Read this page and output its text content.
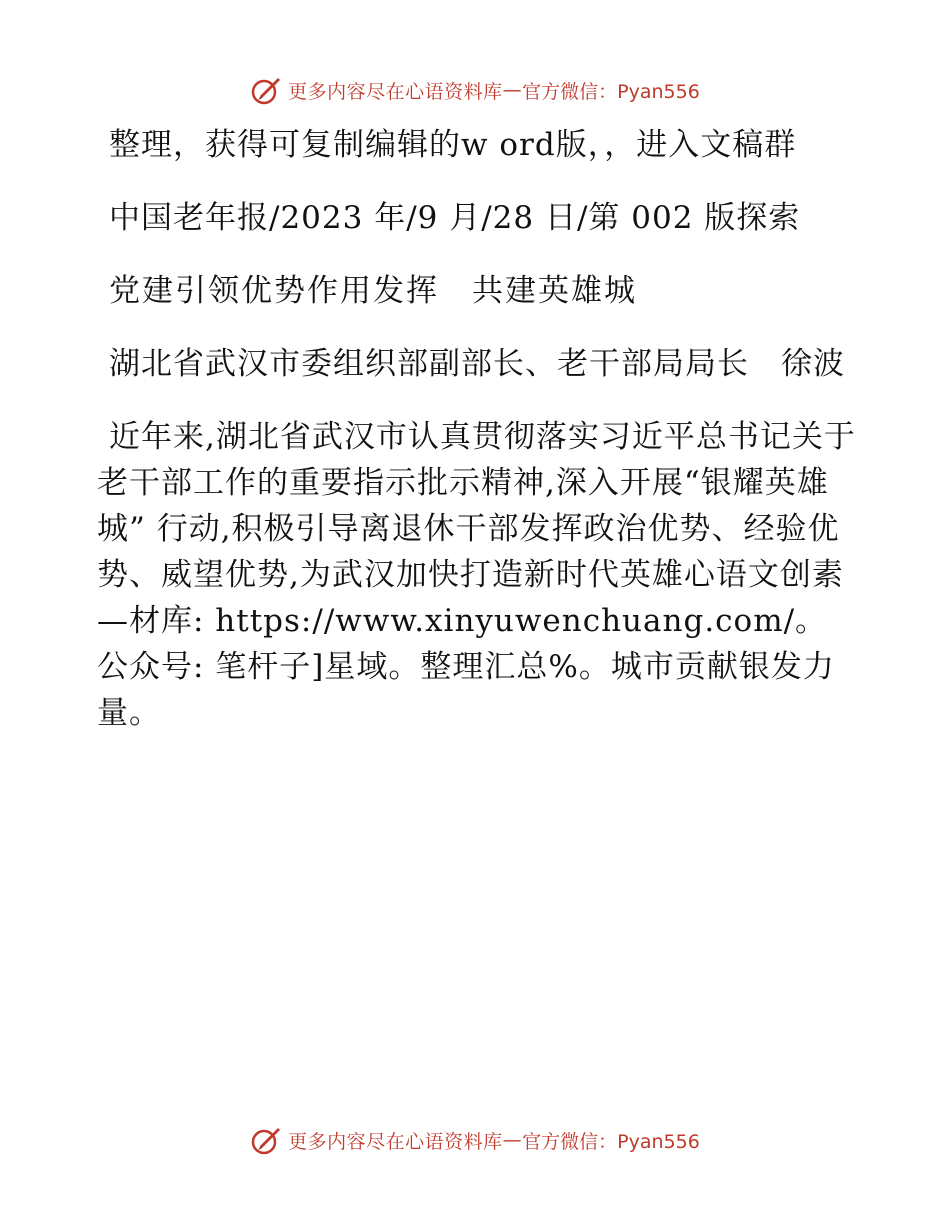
更多内容尽在心语资料库 — 官方微信：Pyan556

整理，获得可复制编辑的w ord版，，进入文稿群

中国老年报/2023 年/9 月/28 日/第 002 版探索

党建引领优势作用发挥　共建英雄城

湖北省武汉市委组织部副部长、老干部局局长　徐波

近年来,湖北省武汉市认真贯彻落实习近平总书记关于老干部工作的重要指示批示精神,深入开展“银耀英雄城” 行动,积极引导离退休干部发挥政治优势、经验优势、威望优势,为武汉加快打造新时代英雄心语文创素—材库: https://www.xinyuwenchuang.com/。公众号: 笔杆子]星域。整理汇总%。城市贡献银发力量。

更多内容尽在心语资料库 — 官方微信：Pyan556
